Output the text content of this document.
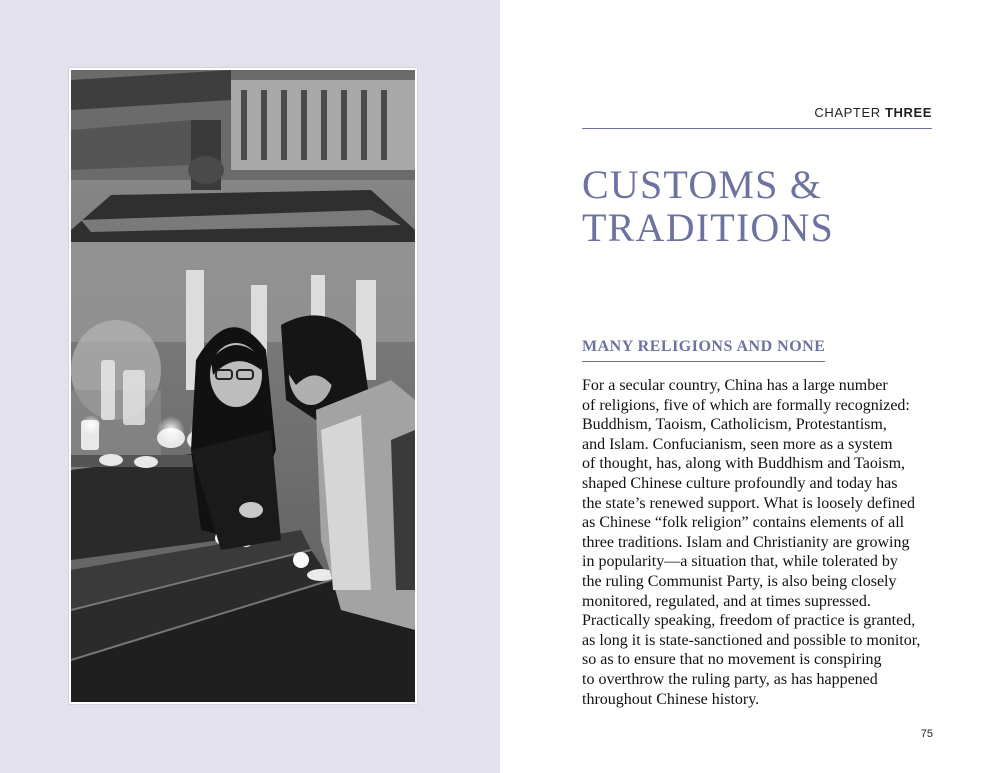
CHAPTER THREE
CUSTOMS &
TRADITIONS
MANY RELIGIONS AND NONE
For a secular country, China has a large number
of religions, five of which are formally recognized:
Buddhism, Taoism, Catholicism, Protestantism,
and Islam. Confucianism, seen more as a system
of thought, has, along with Buddhism and Taoism,
shaped Chinese culture profoundly and today has
the state’s renewed support. What is loosely defined
as Chinese “folk religion” contains elements of all
three traditions. Islam and Christianity are growing
in popularity—a situation that, while tolerated by
the ruling Communist Party, is also being closely
monitored, regulated, and at times supressed.
Practically speaking, freedom of practice is granted,
as long it is state-sanctioned and possible to monitor,
so as to ensure that no movement is conspiring
to overthrow the ruling party, as has happened
throughout Chinese history.
75
